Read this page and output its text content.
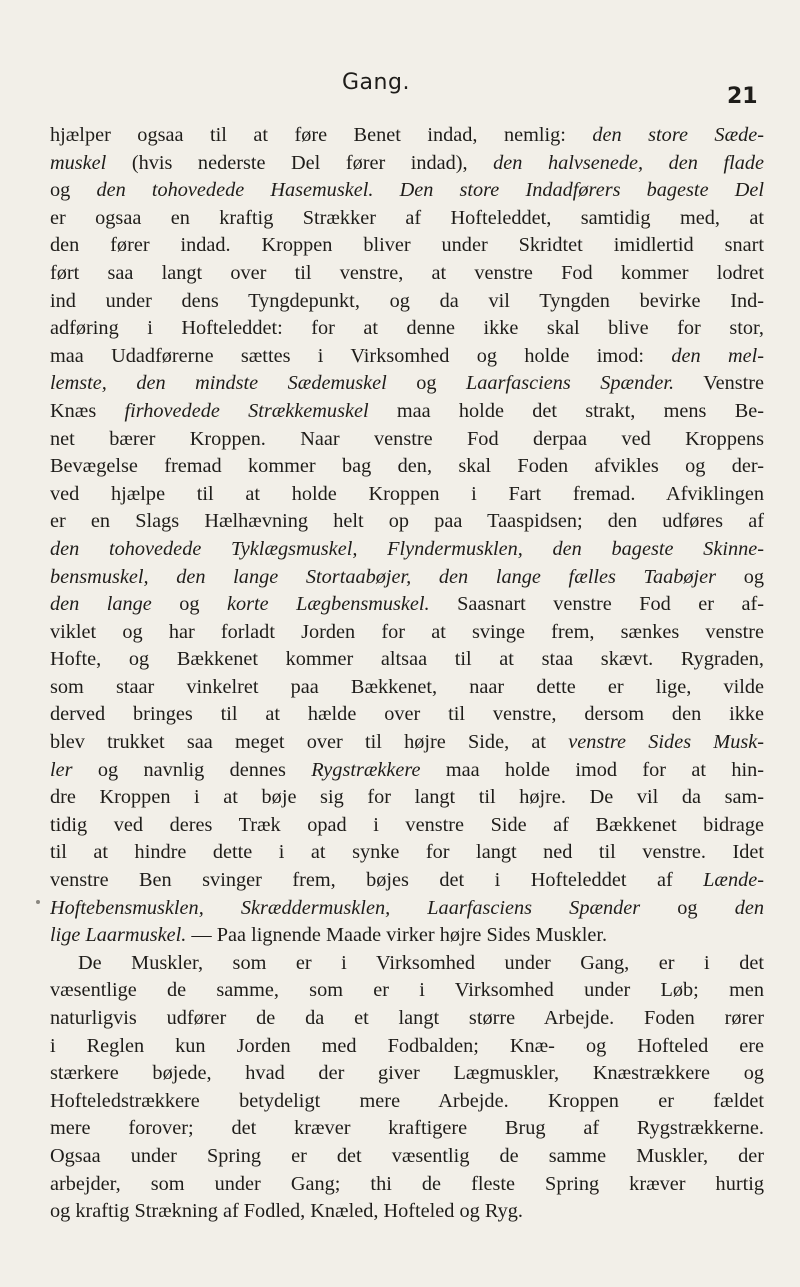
Gang.
21
hjælper ogsaa til at føre Benet indad, nemlig: den store Sæde-
muskel (hvis nederste Del fører indad), den halvsenede, den flade
og den tohovedede Hasemuskel. Den store Indadførers bageste Del
er ogsaa en kraftig Strækker af Hofteleddet, samtidig med, at
den fører indad. Kroppen bliver under Skridtet imidlertid snart
ført saa langt over til venstre, at venstre Fod kommer lodret
ind under dens Tyngdepunkt, og da vil Tyngden bevirke Ind-
adføring i Hofteleddet: for at denne ikke skal blive for stor,
maa Udadførerne sættes i Virksomhed og holde imod: den mel-
lemste, den mindste Sædemuskel og Laarfasciens Spænder. Venstre
Knæs firhovedede Strækkemuskel maa holde det strakt, mens Be-
net bærer Kroppen. Naar venstre Fod derpaa ved Kroppens
Bevægelse fremad kommer bag den, skal Foden afvikles og der-
ved hjælpe til at holde Kroppen i Fart fremad. Afviklingen
er en Slags Hælhævning helt op paa Taaspidsen; den udføres af
den tohovedede Tyklægsmuskel, Flyndermusklen, den bageste Skinne-
bensmuskel, den lange Stortaabøjer, den lange fælles Taabøjer og
den lange og korte Lægbensmuskel. Saasnart venstre Fod er af-
viklet og har forladt Jorden for at svinge frem, sænkes venstre
Hofte, og Bækkenet kommer altsaa til at staa skævt. Rygraden,
som staar vinkelret paa Bækkenet, naar dette er lige, vilde
derved bringes til at hælde over til venstre, dersom den ikke
blev trukket saa meget over til højre Side, at venstre Sides Musk-
ler og navnlig dennes Rygstrækkere maa holde imod for at hin-
dre Kroppen i at bøje sig for langt til højre. De vil da sam-
tidig ved deres Træk opad i venstre Side af Bækkenet bidrage
til at hindre dette i at synke for langt ned til venstre. Idet
venstre Ben svinger frem, bøjes det i Hofteleddet af Lænde-
Hoftebensmusklen, Skræddermusklen, Laarfasciens Spænder og den
lige Laarmuskel. — Paa lignende Maade virker højre Sides Muskler.
De Muskler, som er i Virksomhed under Gang, er i det
væsentlige de samme, som er i Virksomhed under Løb; men
naturligvis udfører de da et langt større Arbejde. Foden rører
i Reglen kun Jorden med Fodbalden; Knæ- og Hofteled ere
stærkere bøjede, hvad der giver Lægmuskler, Knæstrækkere og
Hofteledstrækkere betydeligt mere Arbejde. Kroppen er fældet
mere forover; det kræver kraftigere Brug af Rygstrækkerne.
Ogsaa under Spring er det væsentlig de samme Muskler, der
arbejder, som under Gang; thi de fleste Spring kræver hurtig
og kraftig Strækning af Fodled, Knæled, Hofteled og Ryg.
